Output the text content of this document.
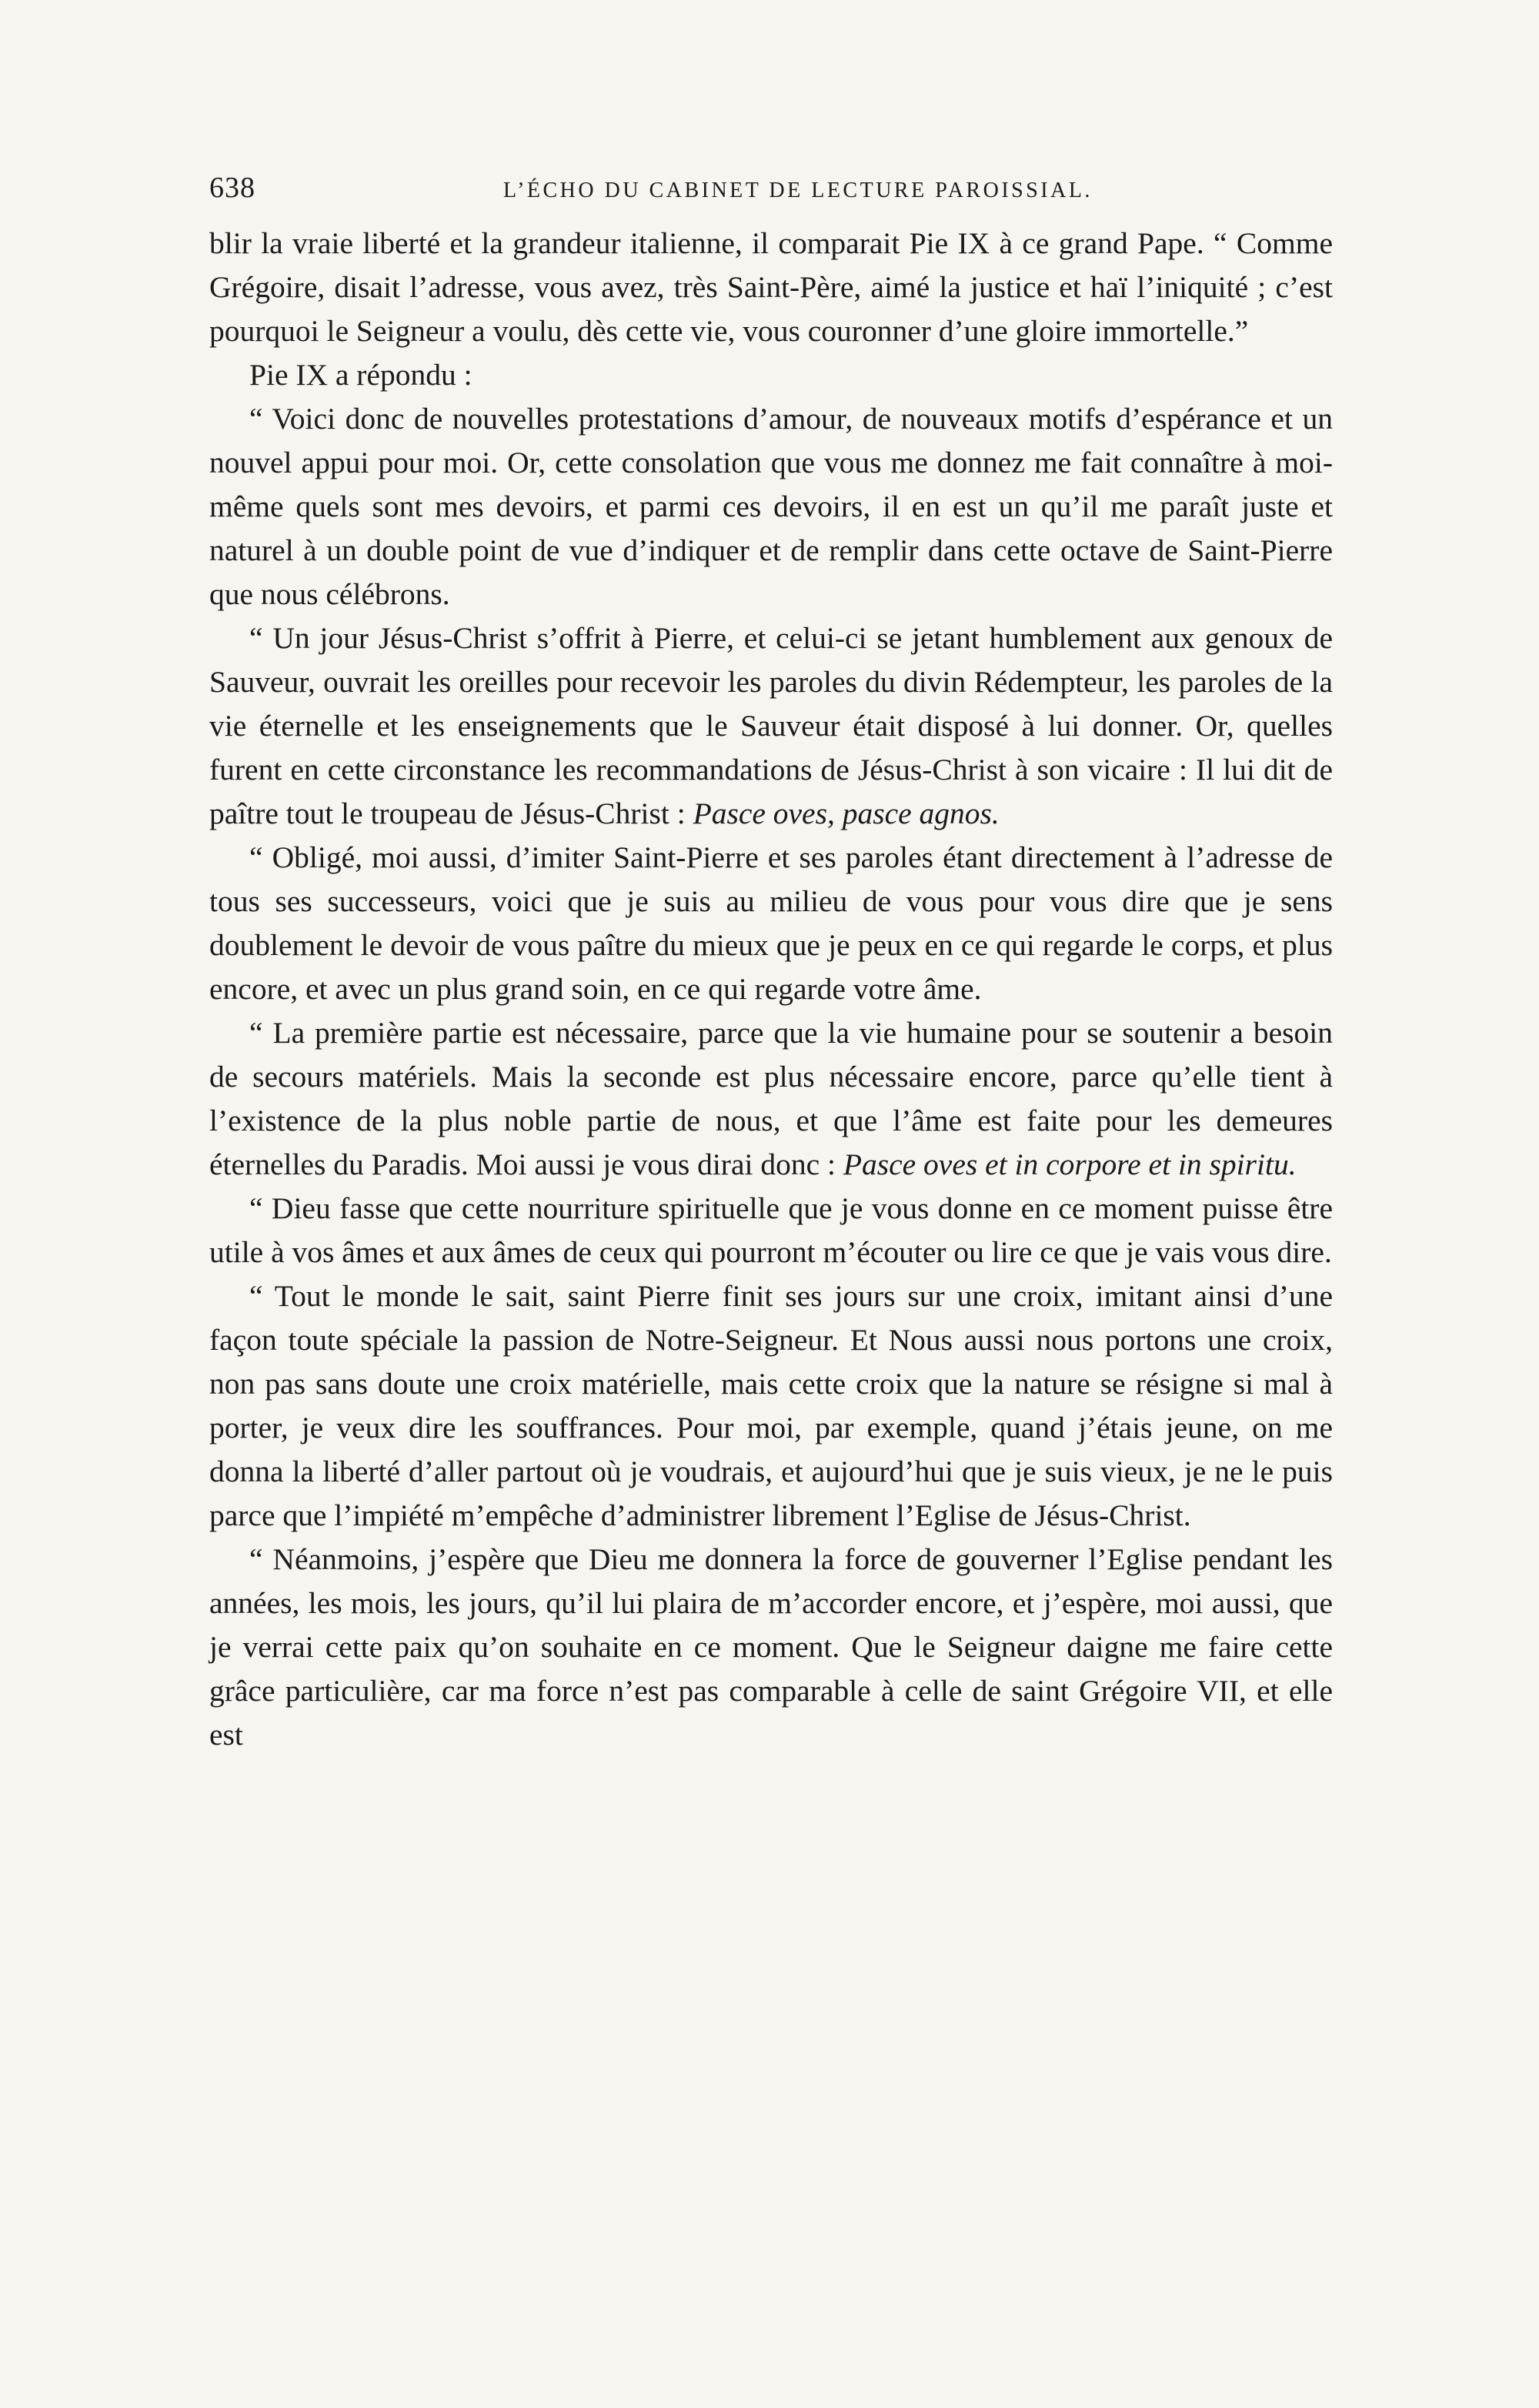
638	L’ÉCHO DU CABINET DE LECTURE PAROISSIAL.

blir la vraie liberté et la grandeur italienne, il comparait Pie IX à ce grand Pape. “ Comme Grégoire, disait l’adresse, vous avez, très Saint-Père, aimé la justice et haï l’iniquité ; c’est pourquoi le Seigneur a voulu, dès cette vie, vous couronner d’une gloire immortelle.”

Pie IX a répondu :

“ Voici donc de nouvelles protestations d’amour, de nouveaux motifs d’espérance et un nouvel appui pour moi. Or, cette consolation que vous me donnez me fait connaître à moi-même quels sont mes devoirs, et parmi ces devoirs, il en est un qu’il me paraît juste et naturel à un double point de vue d’indiquer et de remplir dans cette octave de Saint-Pierre que nous célébrons.

“ Un jour Jésus-Christ s’offrit à Pierre, et celui-ci se jetant humblement aux genoux de Sauveur, ouvrait les oreilles pour recevoir les paroles du divin Rédempteur, les paroles de la vie éternelle et les enseignements que le Sauveur était disposé à lui donner. Or, quelles furent en cette circonstance les recommandations de Jésus-Christ à son vicaire : Il lui dit de paître tout le troupeau de Jésus-Christ : Pasce oves, pasce agnos.

“ Obligé, moi aussi, d’imiter Saint-Pierre et ses paroles étant directement à l’adresse de tous ses successeurs, voici que je suis au milieu de vous pour vous dire que je sens doublement le devoir de vous paître du mieux que je peux en ce qui regarde le corps, et plus encore, et avec un plus grand soin, en ce qui regarde votre âme.

“ La première partie est nécessaire, parce que la vie humaine pour se soutenir a besoin de secours matériels. Mais la seconde est plus nécessaire encore, parce qu’elle tient à l’existence de la plus noble partie de nous, et que l’âme est faite pour les demeures éternelles du Paradis. Moi aussi je vous dirai donc : Pasce oves et in corpore et in spiritu.

“ Dieu fasse que cette nourriture spirituelle que je vous donne en ce moment puisse être utile à vos âmes et aux âmes de ceux qui pourront m’écouter ou lire ce que je vais vous dire.

“ Tout le monde le sait, saint Pierre finit ses jours sur une croix, imitant ainsi d’une façon toute spéciale la passion de Notre-Seigneur. Et Nous aussi nous portons une croix, non pas sans doute une croix matérielle, mais cette croix que la nature se résigne si mal à porter, je veux dire les souffrances. Pour moi, par exemple, quand j’étais jeune, on me donna la liberté d’aller partout où je voudrais, et aujourd’hui que je suis vieux, je ne le puis parce que l’impiété m’empêche d’administrer librement l’Eglise de Jésus-Christ.

“ Néanmoins, j’espère que Dieu me donnera la force de gouverner l’Eglise pendant les années, les mois, les jours, qu’il lui plaira de m’accorder encore, et j’espère, moi aussi, que je verrai cette paix qu’on souhaite en ce moment. Que le Seigneur daigne me faire cette grâce particulière, car ma force n’est pas comparable à celle de saint Grégoire VII, et elle est
